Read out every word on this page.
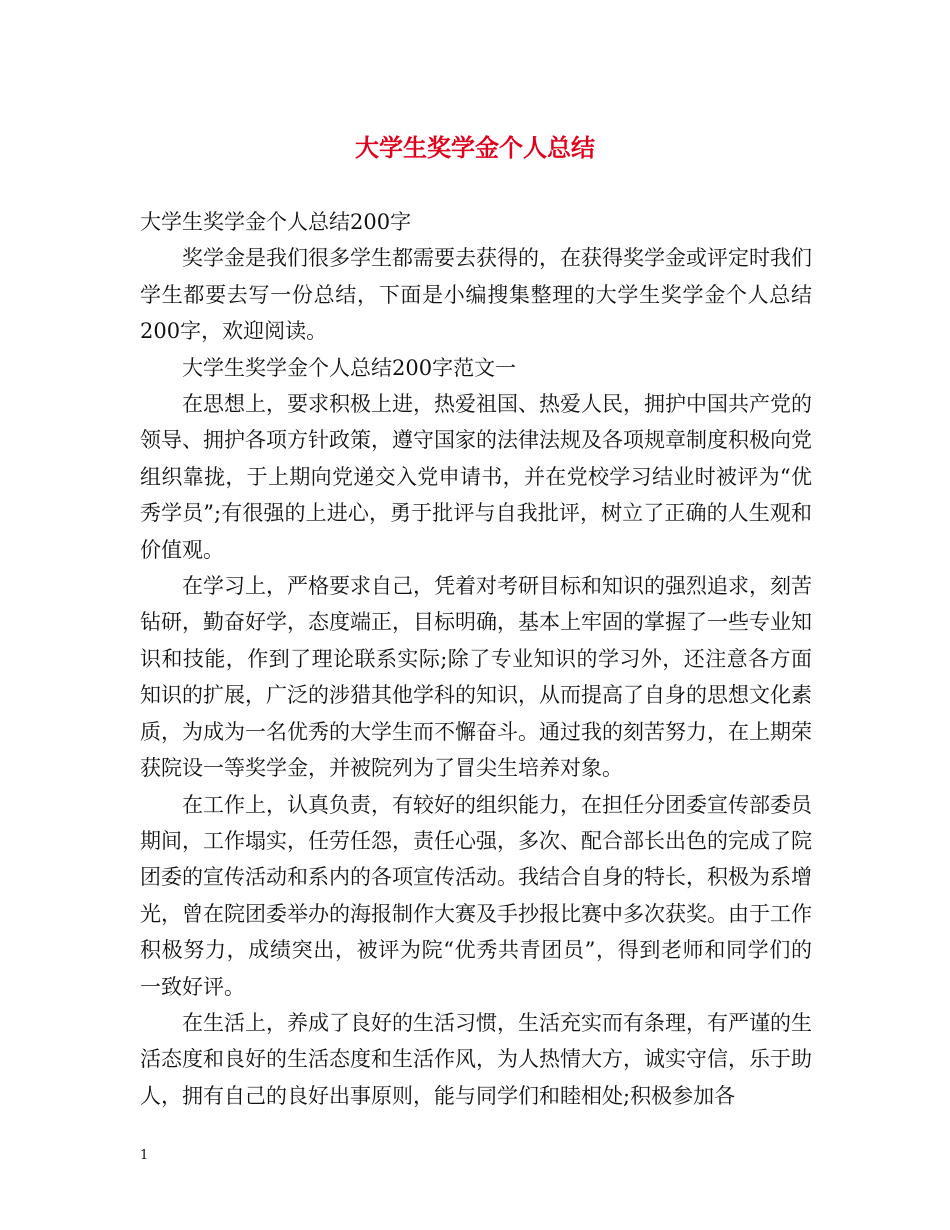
大学生奖学金个人总结

大学生奖学金个人总结200字

奖学金是我们很多学生都需要去获得的，在获得奖学金或评定时我们学生都要去写一份总结，下面是小编搜集整理的大学生奖学金个人总结200字，欢迎阅读。

大学生奖学金个人总结200字范文一

在思想上，要求积极上进，热爱祖国、热爱人民，拥护中国共产党的领导、拥护各项方针政策，遵守国家的法律法规及各项规章制度积极向党组织靠拢，于上期向党递交入党申请书，并在党校学习结业时被评为“优秀学员”;有很强的上进心，勇于批评与自我批评，树立了正确的人生观和价值观。

在学习上，严格要求自己，凭着对考研目标和知识的强烈追求，刻苦钻研，勤奋好学，态度端正，目标明确，基本上牢固的掌握了一些专业知识和技能，作到了理论联系实际;除了专业知识的学习外，还注意各方面知识的扩展，广泛的涉猎其他学科的知识，从而提高了自身的思想文化素质，为成为一名优秀的大学生而不懈奋斗。通过我的刻苦努力，在上期荣获院设一等奖学金，并被院列为了冒尖生培养对象。

在工作上，认真负责，有较好的组织能力，在担任分团委宣传部委员期间，工作塌实，任劳任怨，责任心强，多次、配合部长出色的完成了院团委的宣传活动和系内的各项宣传活动。我结合自身的特长，积极为系增光，曾在院团委举办的海报制作大赛及手抄报比赛中多次获奖。由于工作积极努力，成绩突出，被评为院“优秀共青团员”，得到老师和同学们的一致好评。

在生活上，养成了良好的生活习惯，生活充实而有条理，有严谨的生活态度和良好的生活态度和生活作风，为人热情大方，诚实守信，乐于助人，拥有自己的良好出事原则，能与同学们和睦相处;积极参加各

1
